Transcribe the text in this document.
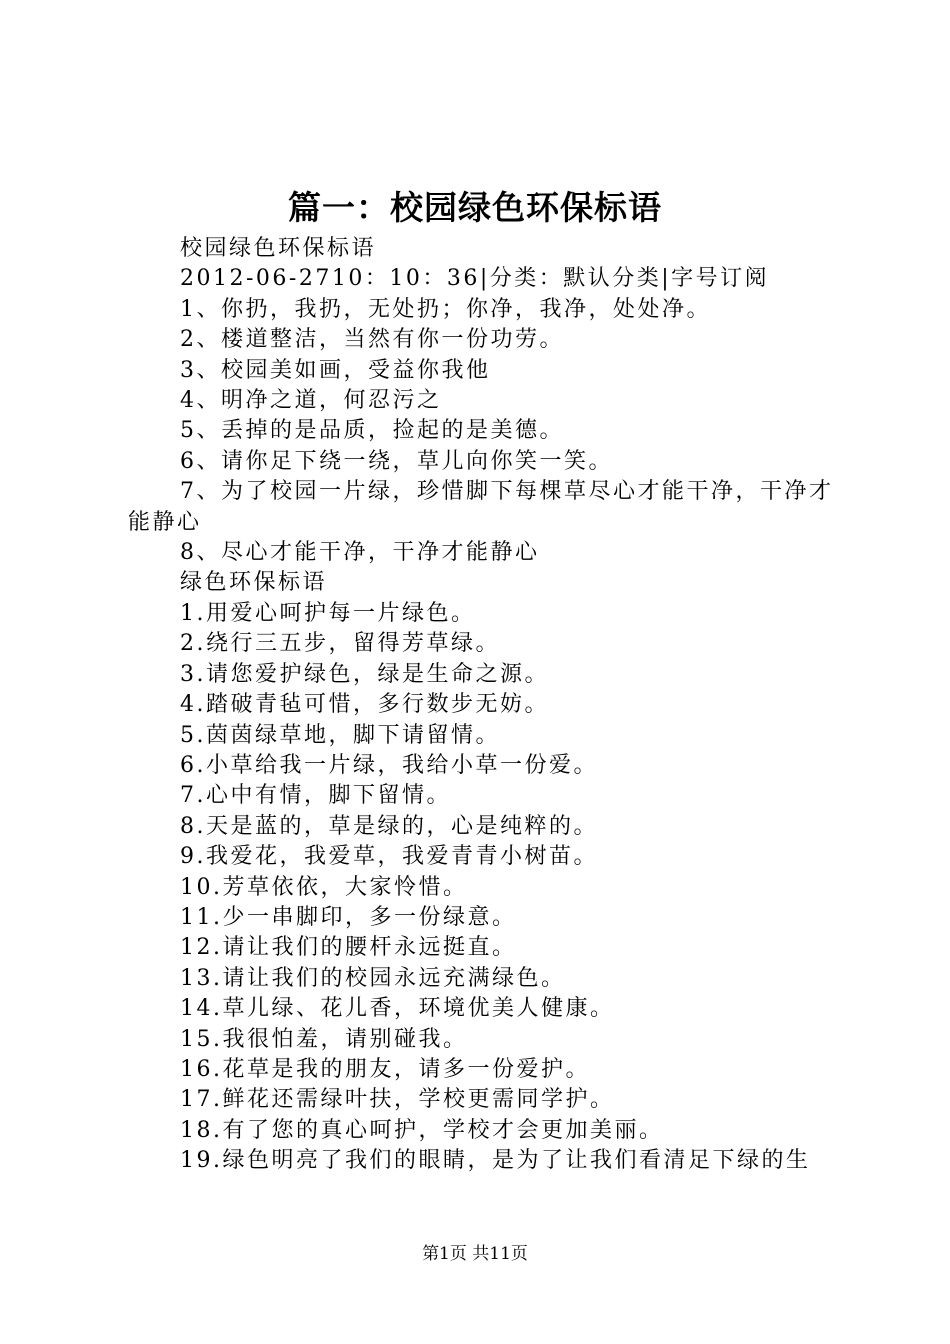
篇一：校园绿色环保标语

校园绿色环保标语

2012-06-2710：10：36|分类：默认分类|字号订阅

1、你扔，我扔，无处扔；你净，我净，处处净。

2、楼道整洁，当然有你一份功劳。

3、校园美如画，受益你我他

4、明净之道，何忍污之

5、丢掉的是品质，捡起的是美德。

6、请你足下绕一绕，草儿向你笑一笑。

7、为了校园一片绿，珍惜脚下每棵草尽心才能干净，干净才能静心

8、尽心才能干净，干净才能静心

绿色环保标语

1.用爱心呵护每一片绿色。

2.绕行三五步，留得芳草绿。

3.请您爱护绿色，绿是生命之源。

4.踏破青毡可惜，多行数步无妨。

5.茵茵绿草地，脚下请留情。

6.小草给我一片绿，我给小草一份爱。

7.心中有情，脚下留情。

8.天是蓝的，草是绿的，心是纯粹的。

9.我爱花，我爱草，我爱青青小树苗。

10.芳草依依，大家怜惜。

11.少一串脚印，多一份绿意。

12.请让我们的腰杆永远挺直。

13.请让我们的校园永远充满绿色。

14.草儿绿、花儿香，环境优美人健康。

15.我很怕羞，请别碰我。

16.花草是我的朋友，请多一份爱护。

17.鲜花还需绿叶扶，学校更需同学护。

18.有了您的真心呵护，学校才会更加美丽。

19.绿色明亮了我们的眼睛，是为了让我们看清足下绿的生

第1页 共11页
